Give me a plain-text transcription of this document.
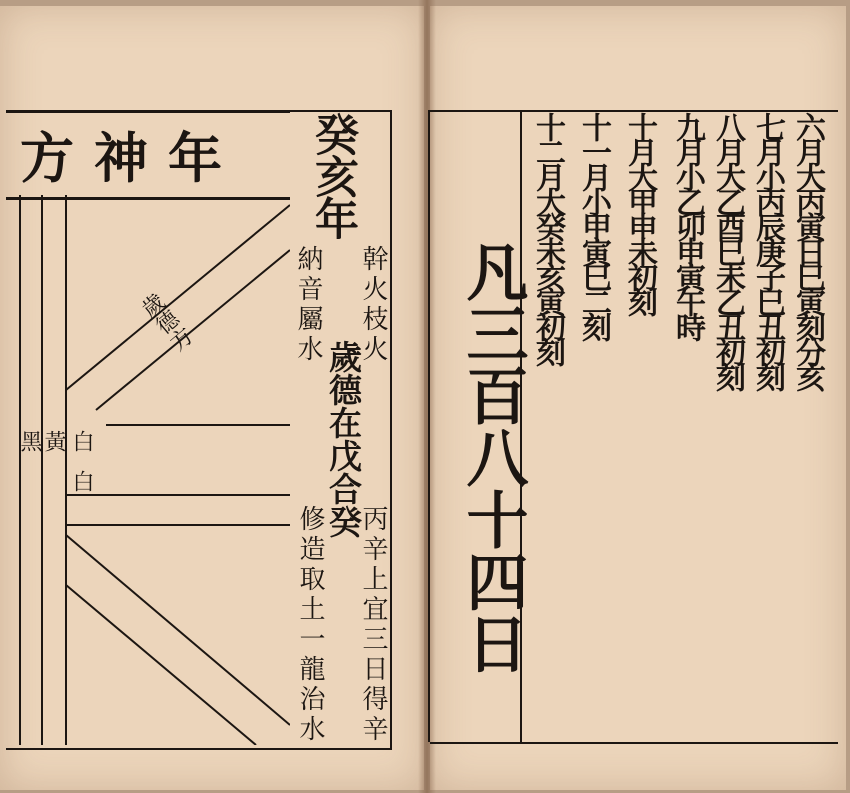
年神方 癸亥年
幹火枝火
納音屬水
歲德在戊合癸
丙辛上宜三日得辛
修造取土一龍治水
歲德方
白
黃
白
黑	凡三百八十四日	六月大丙寅日巳寅刻分亥
七月小丙辰庚子巳丑初刻
八月大乙酉巳未乙丑初刻
九月小乙卯申寅午時
十月大甲申未初刻
十一月小甲寅巳二刻
十二月大癸未亥寅初刻
